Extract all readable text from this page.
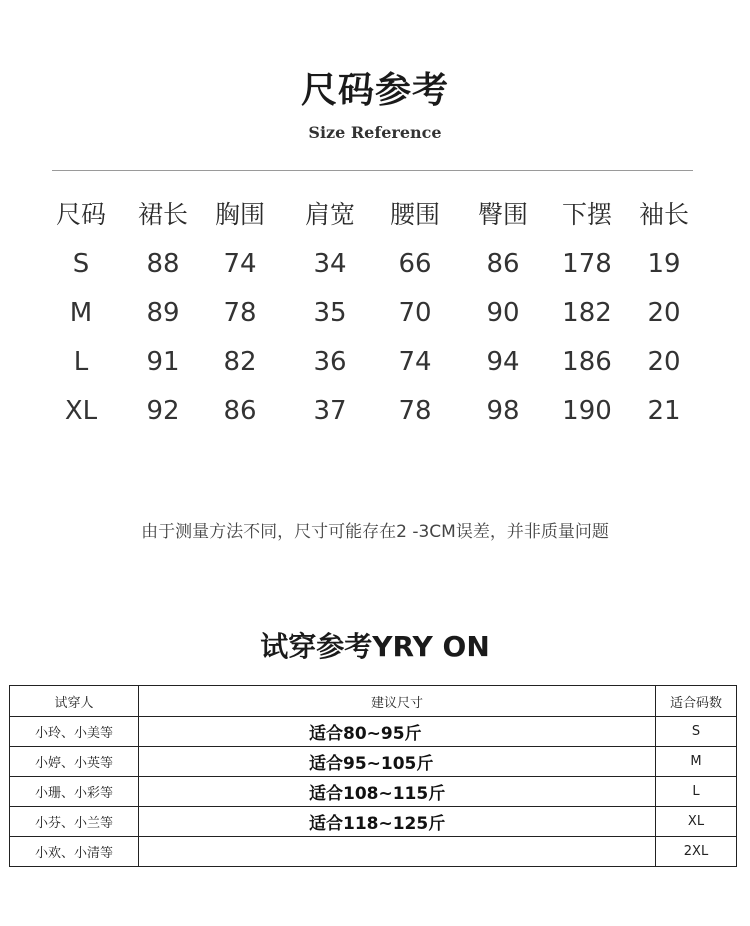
尺码参考
Size Reference
尺码	裙长	胸围	肩宽	腰围	臀围	下摆	袖长
S	88	74	34	66	86	178	19
M	89	78	35	70	90	182	20
L	91	82	36	74	94	186	20
XL	92	86	37	78	98	190	21
由于测量方法不同，尺寸可能存在2 -3CM误差，并非质量问题
试穿参考YRY ON
试穿人	建议尺寸	适合码数
小玲、小美等	适合80~95斤	S
小婷、小英等	适合95~105斤	M
小珊、小彩等	适合108~115斤	L
小芬、小兰等	适合118~125斤	XL
小欢、小清等		2XL
